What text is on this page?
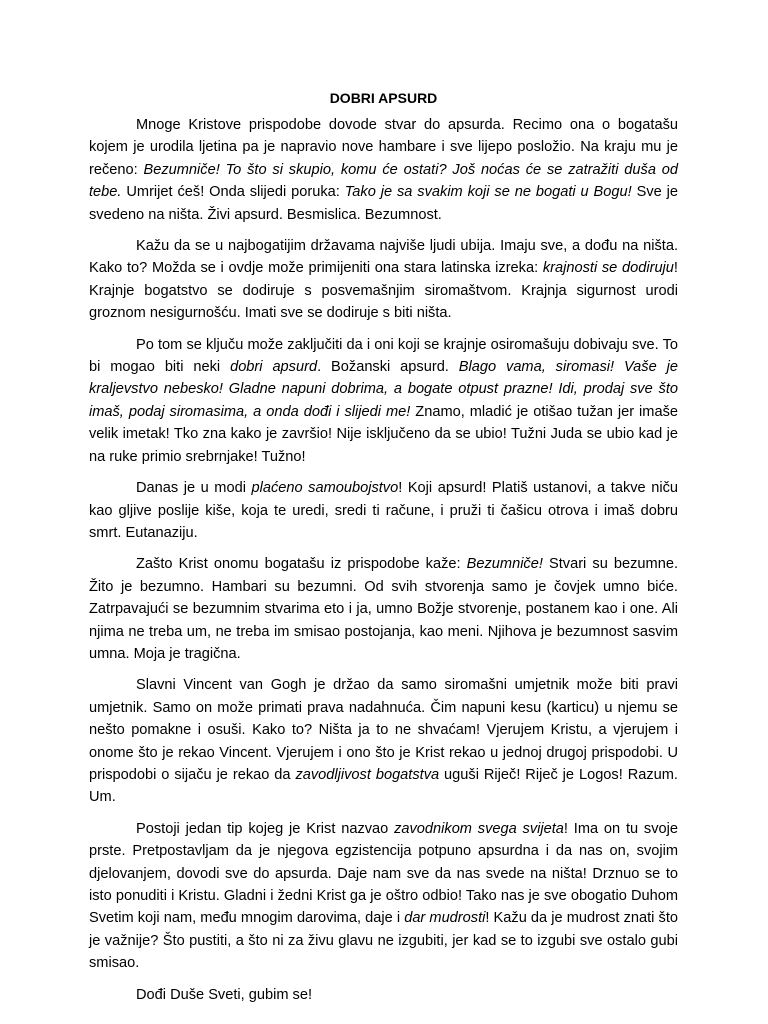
DOBRI APSURD

Mnoge Kristove prispodobe dovode stvar do apsurda. Recimo ona o bogatašu kojem je urodila ljetina pa je napravio nove hambare i sve lijepo posložio. Na kraju mu je rečeno: Bezumniče! To što si skupio, komu će ostati? Još noćas će se zatražiti duša od tebe. Umrijet ćeš! Onda slijedi poruka: Tako je sa svakim koji se ne bogati u Bogu! Sve je svedeno na ništa. Živi apsurd. Besmislica. Bezumnost.

Kažu da se u najbogatijim državama najviše ljudi ubija. Imaju sve, a dođu na ništa. Kako to? Možda se i ovdje može primijeniti ona stara latinska izreka: krajnosti se dodiruju! Krajnje bogatstvo se dodiruje s posvemašnjim siromaštvom. Krajnja sigurnost urodi groznom nesigurnošću. Imati sve se dodiruje s biti ništa.

Po tom se ključu može zaključiti da i oni koji se krajnje osiromašuju dobivaju sve. To bi mogao biti neki dobri apsurd. Božanski apsurd. Blago vama, siromasi! Vaše je kraljevstvo nebesko! Gladne napuni dobrima, a bogate otpust prazne! Idi, prodaj sve što imaš, podaj siromasima, a onda dođi i slijedi me! Znamo, mladić je otišao tužan jer imaše velik imetak! Tko zna kako je završio! Nije isključeno da se ubio! Tužni Juda se ubio kad je na ruke primio srebrnjake! Tužno!

Danas je u modi plaćeno samoubojstvo! Koji apsurd! Platiš ustanovi, a takve niču kao gljive poslije kiše, koja te uredi, sredi ti račune, i pruži ti čašicu otrova i imaš dobru smrt. Eutanaziju.

Zašto Krist onomu bogatašu iz prispodobe kaže: Bezumniče! Stvari su bezumne. Žito je bezumno. Hambari su bezumni. Od svih stvorenja samo je čovjek umno biće. Zatrpavajući se bezumnim stvarima eto i ja, umno Božje stvorenje, postanem kao i one. Ali njima ne treba um, ne treba im smisao postojanja, kao meni. Njihova je bezumnost sasvim umna. Moja je tragična.

Slavni Vincent van Gogh je držao da samo siromašni umjetnik može biti pravi umjetnik. Samo on može primati prava nadahnuća. Čim napuni kesu (karticu) u njemu se nešto pomakne i osuši. Kako to? Ništa ja to ne shvaćam! Vjerujem Kristu, a vjerujem i onome što je rekao Vincent. Vjerujem i ono što je Krist rekao u jednoj drugoj prispodobi. U prispodobi o sijaču je rekao da zavodljivost bogatstva uguši Riječ! Riječ je Logos! Razum. Um.

Postoji jedan tip kojeg je Krist nazvao zavodnikom svega svijeta! Ima on tu svoje prste. Pretpostavljam da je njegova egzistencija potpuno apsurdna i da nas on, svojim djelovanjem, dovodi sve do apsurda. Daje nam sve da nas svede na ništa! Drznuo se to isto ponuditi i Kristu. Gladni i žedni Krist ga je oštro odbio! Tako nas je sve obogatio Duhom Svetim koji nam, među mnogim darovima, daje i dar mudrosti! Kažu da je mudrost znati što je važnije? Što pustiti, a što ni za živu glavu ne izgubiti, jer kad se to izgubi sve ostalo gubi smisao.

Dođi Duše Sveti, gubim se!
